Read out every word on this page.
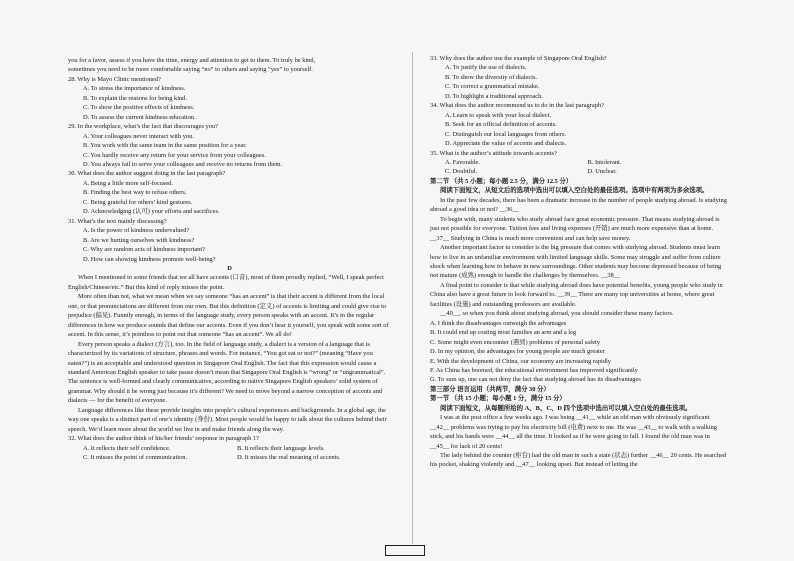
you for a favor, assess if you have the time, energy and attention to get to them. To truly be kind,

sometimes you need to be more comfortable saying “no” to others and saying “yes” to yourself.

28. Why is Mayo Clinic mentioned?

A. To stress the importance of kindness.

B. To explain the reasons for being kind.

C. To show the positive effects of kindness.

D. To assess the current kindness education.

29. In the workplace, what’s the fact that discourages you?

A. Your colleagues never interact with you.

B. You work with the same team in the same position for a year.

C. You hardly receive any return for your service from your colleagues.

D. You always fail to serve your colleagues and receive no returns from them.

30. What does the author suggest doing in the last paragraph?

A. Being a little more self-focused.

B. Finding the best way to refuse others.

C. Being grateful for others’ kind gestures.

D. Acknowledging (认可) your efforts and sacrifices.

31. What’s the text mainly discussing?

A. Is the power of kindness undervalued?

B. Are we hurting ourselves with kindness?

C. Why are random acts of kindness important?

D. How can showing kindness promote well-being?

D

When I mentioned to some friends that we all have accents (口音), most of them proudly replied, “Well, I speak perfect English/Chinese/etc.” But this kind of reply misses the point.

More often than not, what we mean when we say someone “has an accent” is that their accent is different from the local one, or that pronunciations are different from our own. But this definition (定义) of accents is limiting and could give rise to prejudice (偏见). Funnily enough, in terms of the language study, every person speaks with an accent. It’s in the regular differences in how we produce sounds that define our accents. Even if you don’t hear it yourself, you speak with some sort of accent. In this sense, it’s pointless to point out that someone “has an accent”. We all do!

Every person speaks a dialect (方言), too. In the field of language study, a dialect is a version of a language that is characterized by its variations of structure, phrases and words. For instance, “You got eat or not?” (meaning “Have you eaten?”) is an acceptable and understood question in Singapore Oral English. The fact that this expression would cause a standard American English speaker to take pause doesn’t mean that Singapore Oral English is “wrong” or “ungrammatical”. The sentence is well-formed and clearly communicative, according to native Singapore English speakers’ solid system of grammar. Why should it be wrong just because it’s different? We need to move beyond a narrow conception of accents and dialects — for the benefit of everyone.

Language differences like these provide insights into people’s cultural experiences and backgrounds. In a global age, the way one speaks is a distinct part of one’s identity (身份). Most people would be happy to talk about the cultures behind their speech. We’d learn more about the world we live in and make friends along the way.

32. What does the author think of his/her friends’ response in paragraph 1?

A. It reflects their self confidence.	B. It reflects their language levels.
C. It misses the point of communication.	D. It misses the real meaning of accents.

33. Why does the author use the example of Singapore Oral English?

A. To justify the use of dialects.

B. To show the diversity of dialects.

C. To correct a grammatical mistake.

D. To highlight a traditional approach.

34. What does the author recommend us to do in the last paragraph?

A. Learn to speak with your local dialect.

B. Seek for an official definition of accents.

C. Distinguish our local languages from others.

D. Appreciate the value of accents and dialects.

35. What is the author’s attitude towards accents?

A. Favorable.	B. Intolerant.
C. Doubtful.	D. Unclear.

第二节 （共 5 小题；每小题 2.5 分，满分 12.5 分）

阅读下面短文，从短文后的选项中选出可以填入空白处的最佳选项。选项中有两项为多余选项。

In the past few decades, there has been a dramatic increase in the number of people studying abroad. Is studying abroad a good idea or not? __36__

To begin with, many students who study abroad face great economic pressure. That means studying abroad is just not possible for everyone. Tuition fees and living expenses (开销) are much more expensive than at home. __37__ Studying in China is much more convenient and can help save money.

Another important factor to consider is the big pressure that comes with studying abroad. Students must learn how to live in an unfamiliar environment with limited language skills. Some may struggle and suffer from culture shock when learning how to behave in new surroundings. Other students may become depressed because of being not mature (成熟) enough to handle the challenges by themselves. __38__

A final point to consider is that while studying abroad does have potential benefits, young people who study in China also have a great future to look forward to. __39__ There are many top universities at home, where great facilities (设施) and outstanding professors are available.

__40__, so when you think about studying abroad, you should consider these many factors.

A. I think the disadvantages outweigh the advantages

B. It could end up costing most families an arm and a leg

C. Some might even encounter (遇到) problems of personal safety

D. In my opinion, the advantages for young people are much greater

E. With the development of China, our economy are increasing rapidly

F. As China has boomed, the educational environment has improved significantly

G. To sum up, one can not deny the fact that studying abroad has its disadvantages

第三部分 语言运用（共两节，满分 30 分）

第一节 （共 15 小题；每小题 1 分，满分 15 分）

阅读下面短文，从每题所给的 A、B、C、D 四个选项中选出可以填入空白处的最佳选项。

I was at the post office a few weeks ago. I was being __41__ while an old man with obviously significant __42__ problems was trying to pay his electricity bill (电费) next to me. He was __43__ to walk with a walking stick, and his hands were __44__ all the time. It looked as if he were going to fall. I found the old man was in __45__ for lack of 20 cents!

The lady behind the counter (柜台) had the old man in such a state (状态) further __46__ 20 cents. He searched his pocket, shaking violently and __47__ looking upset. But instead of letting the
